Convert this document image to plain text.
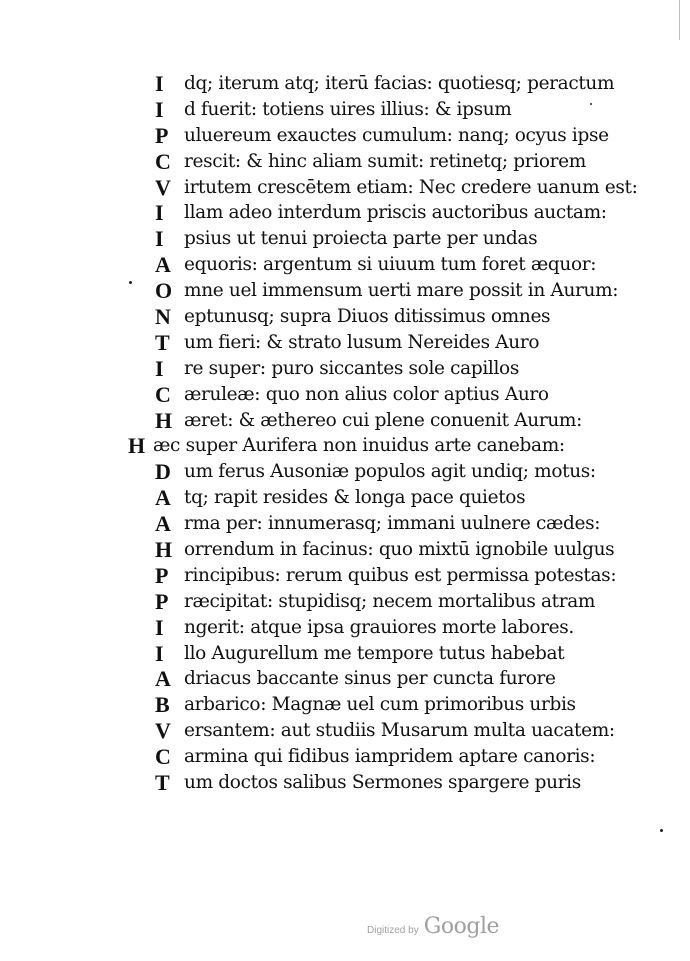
I dq; iterum atq; iterū facias: quotiesq; peractum
I d fuerit: totiens uires illius: & ipsum
P uluereum exauctes cumulum: nanq; ocyus ipse
C rescit: & hinc aliam sumit: retinetq; priorem
V irtutem crescētem etiam: Nec credere uanum est:
I llam adeo interdum priscis auctoribus auctam:
I psius ut tenui proiecta parte per undas
A equoris: argentum si uiuum tum foret æquor:
O mne uel immensum uerti mare possit in Aurum:
N eptunusq; supra Diuos ditissimus omnes
T um fieri: & strato lusum Nereides Auro
I re super: puro siccantes sole capillos
C æruleæ: quo non alius color aptius Auro
H æret: & æthereo cui plene conuenit Aurum:
H æc super Aurifera non inuidus arte canebam:
D um ferus Ausoniæ populos agit undiq; motus:
A tq; rapit resides & longa pace quietos
A rma per: innumerasq; immani uulnere cædes:
H orrendum in facinus: quo mixtū ignobile uulgus
P rincipibus: rerum quibus est permissa potestas:
P ræcipitat: stupidisq; necem mortalibus atram
I ngerit: atque ipsa grauiores morte labores.
I llo Augurellum me tempore tutus habebat
A driacus baccante sinus per cuncta furore
B arbarico: Magnæ uel cum primoribus urbis
V ersantem: aut studiis Musarum multa uacatem:
C armina qui fidibus iampridem aptare canoris:
T um doctos salibus Sermones spargere puris
Digitized by Google
